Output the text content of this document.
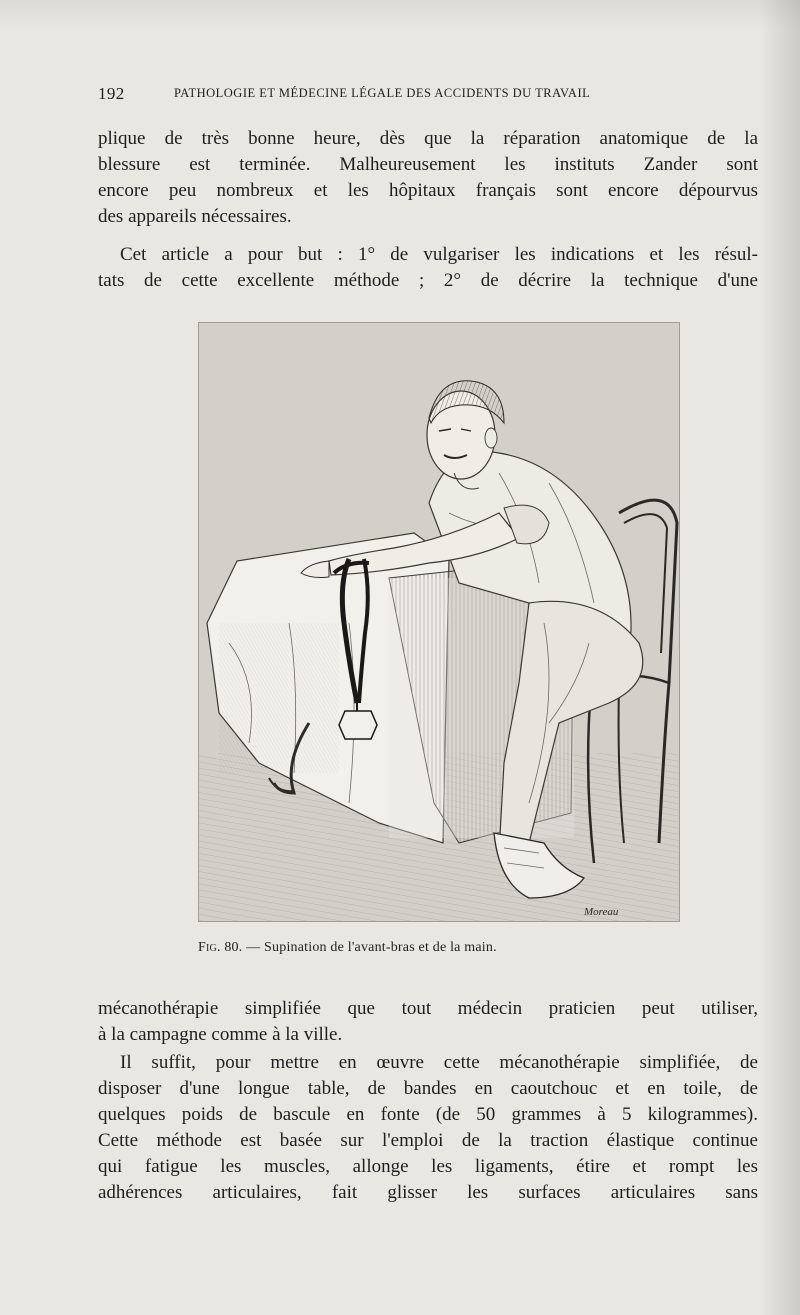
192	PATHOLOGIE ET MÉDECINE LÉGALE DES ACCIDENTS DU TRAVAIL
plique de très bonne heure, dès que la réparation anatomique de la
blessure est terminée. Malheureusement les instituts Zander sont
encore peu nombreux et les hôpitaux français sont encore dépourvus
des appareils nécessaires.
Cet article a pour but : 1° de vulgariser les indications et les résul-
tats de cette excellente méthode ; 2° de décrire la technique d'une
Moreau
Fig. 80. — Supination de l'avant-bras et de la main.
mécanothérapie simplifiée que tout médecin praticien peut utiliser,
à la campagne comme à la ville.
Il suffit, pour mettre en œuvre cette mécanothérapie simplifiée, de
disposer d'une longue table, de bandes en caoutchouc et en toile, de
quelques poids de bascule en fonte (de 50 grammes à 5 kilogrammes).
Cette méthode est basée sur l'emploi de la traction élastique continue
qui fatigue les muscles, allonge les ligaments, étire et rompt les
adhérences articulaires, fait glisser les surfaces articulaires sans
